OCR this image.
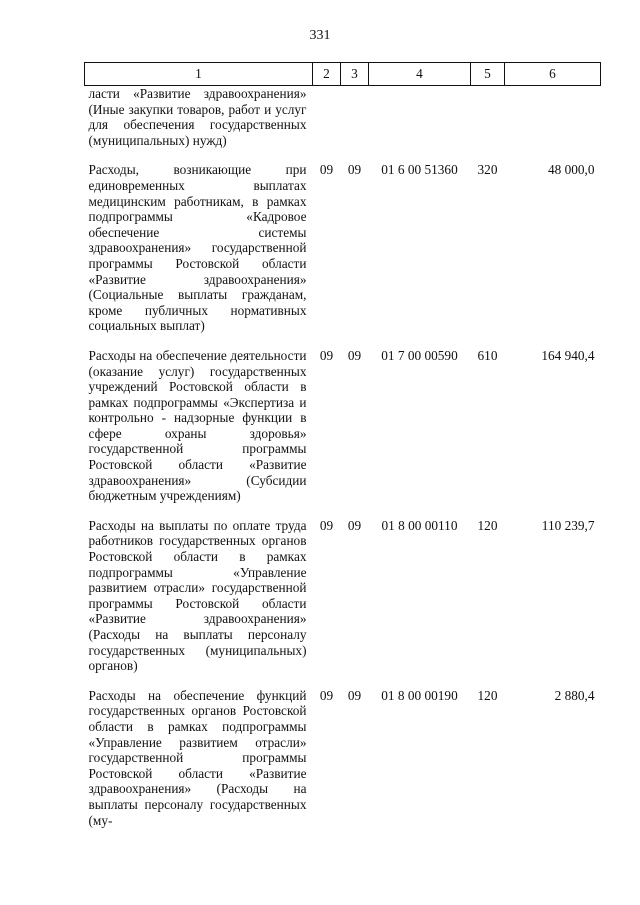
331
1	2	3	4	5	6
ласти «Развитие здравоохранения» (Иные закупки товаров, работ и услуг для обеспечения государственных (муниципальных) нужд)					
Расходы, возникающие при единовременных выплатах медицинским работникам, в рамках подпрограммы «Кадровое обеспечение системы здравоохранения» государственной программы Ростовской области «Развитие здравоохранения» (Социальные выплаты гражданам, кроме публичных нормативных социальных выплат)	09	09	01 6 00 51360	320	48 000,0
Расходы на обеспечение деятельности (оказание услуг) государственных учреждений Ростовской области в рамках подпрограммы «Экспертиза и контрольно - надзорные функции в сфере охраны здоровья» государственной программы Ростовской области «Развитие здравоохранения» (Субсидии бюджетным учреждениям)	09	09	01 7 00 00590	610	164 940,4
Расходы на выплаты по оплате труда работников государственных органов Ростовской области в рамках подпрограммы «Управление развитием отрасли» государственной программы Ростовской области «Развитие здравоохранения» (Расходы на выплаты персоналу государственных (муниципальных) органов)	09	09	01 8 00 00110	120	110 239,7
Расходы на обеспечение функций государственных органов Ростовской области в рамках подпрограммы «Управление развитием отрасли» государственной программы Ростовской области «Развитие здравоохранения» (Расходы на выплаты персоналу государственных (му-	09	09	01 8 00 00190	120	2 880,4
